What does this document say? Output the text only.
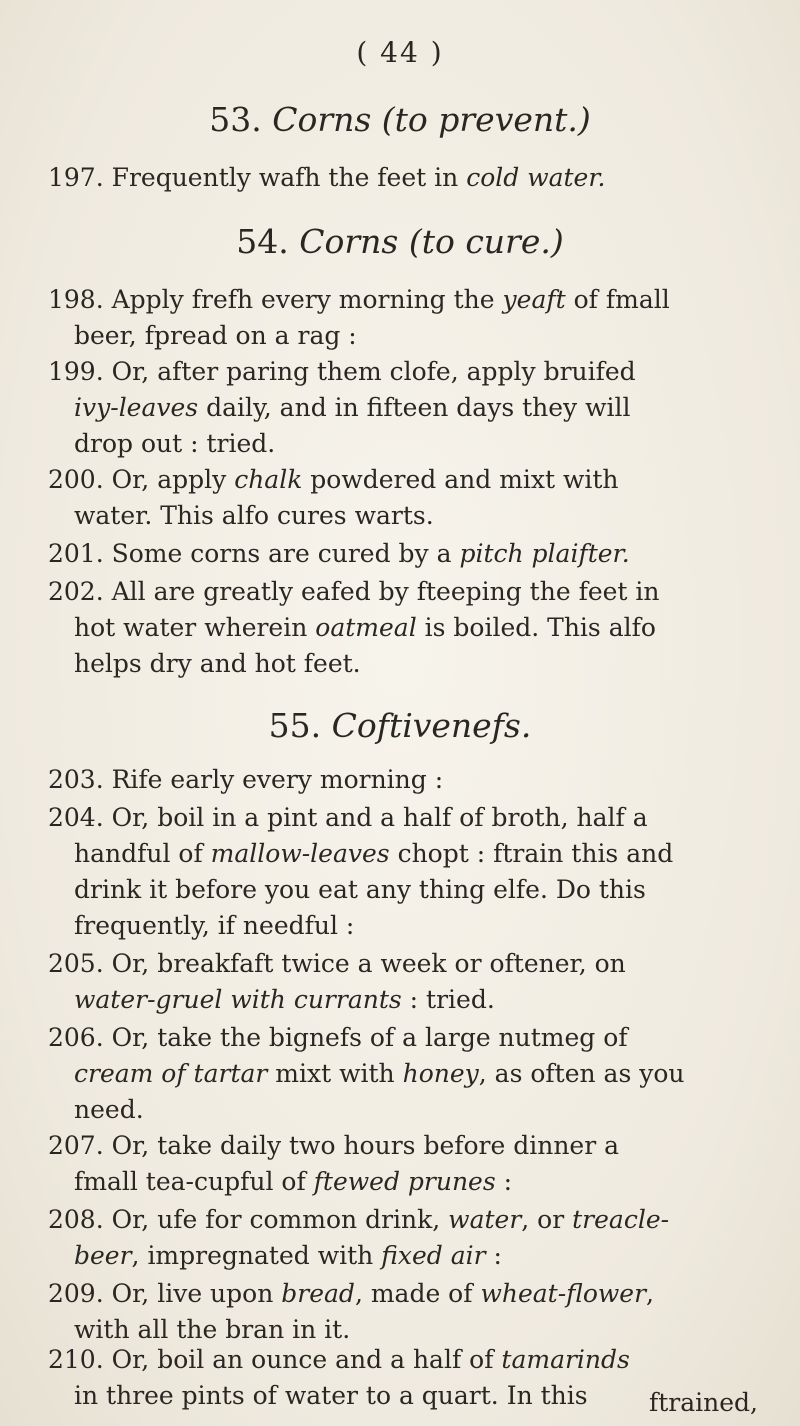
( 44 )
53. Corns (to prevent.)
197. Frequently wafh the feet in cold water.
54. Corns (to cure.)
198. Apply frefh every morning the yeaft of fmall
beer, fpread on a rag :
199. Or, after paring them clofe, apply bruifed
ivy-leaves daily, and in fifteen days they will
drop out : tried.
200. Or, apply chalk powdered and mixt with
water. This alfo cures warts.
201. Some corns are cured by a pitch plaifter.
202. All are greatly eafed by fteeping the feet in
hot water wherein oatmeal is boiled. This alfo
helps dry and hot feet.
55. Coftivenefs.
203. Rife early every morning :
204. Or, boil in a pint and a half of broth, half a
handful of mallow-leaves chopt : ftrain this and
drink it before you eat any thing elfe. Do this
frequently, if needful :
205. Or, breakfaft twice a week or oftener, on
water-gruel with currants : tried.
206. Or, take the bignefs of a large nutmeg of
cream of tartar mixt with honey, as often as you
need.
207. Or, take daily two hours before dinner a
fmall tea-cupful of ftewed prunes :
208. Or, ufe for common drink, water, or treacle-
beer, impregnated with fixed air :
209. Or, live upon bread, made of wheat-flower,
with all the bran in it.
210. Or, boil an ounce and a half of tamarinds
in three pints of water to a quart. In this	ftrained,
